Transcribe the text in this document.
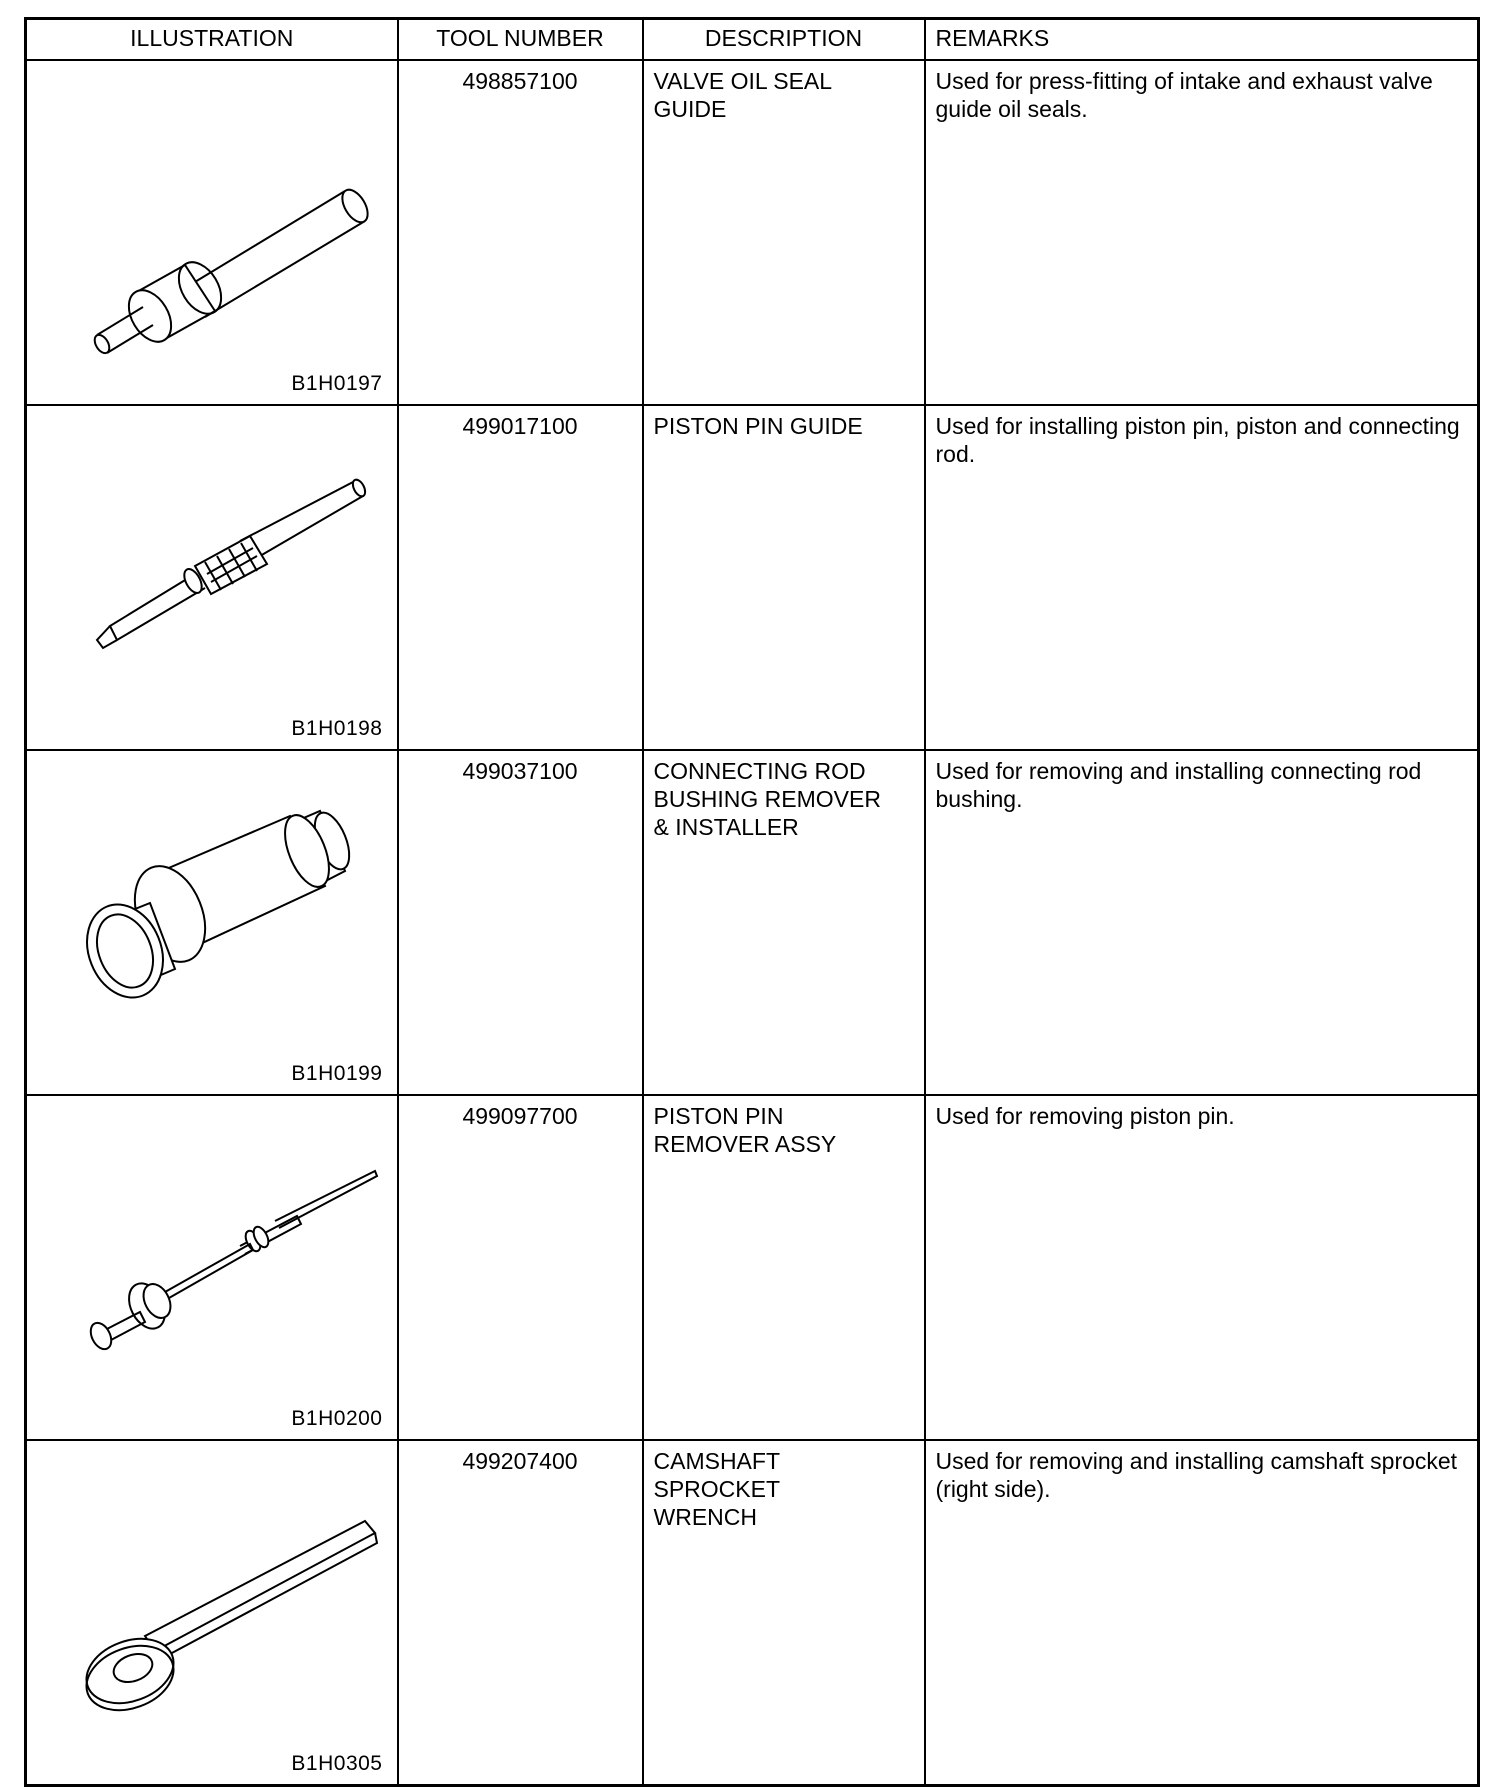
ILLUSTRATION	TOOL NUMBER	DESCRIPTION	REMARKS

B1H0197	498857100	VALVE OIL SEAL
GUIDE	Used for press-fitting of intake and exhaust valve guide oil seals.

B1H0198	499017100	PISTON PIN GUIDE	Used for installing piston pin, piston and connecting rod.

B1H0199	499037100	CONNECTING ROD
BUSHING REMOVER
& INSTALLER	Used for removing and installing connecting rod bushing.

B1H0200	499097700	PISTON PIN
REMOVER ASSY	Used for removing piston pin.

B1H0305	499207400	CAMSHAFT
SPROCKET
WRENCH	Used for removing and installing camshaft sprocket (right side).
